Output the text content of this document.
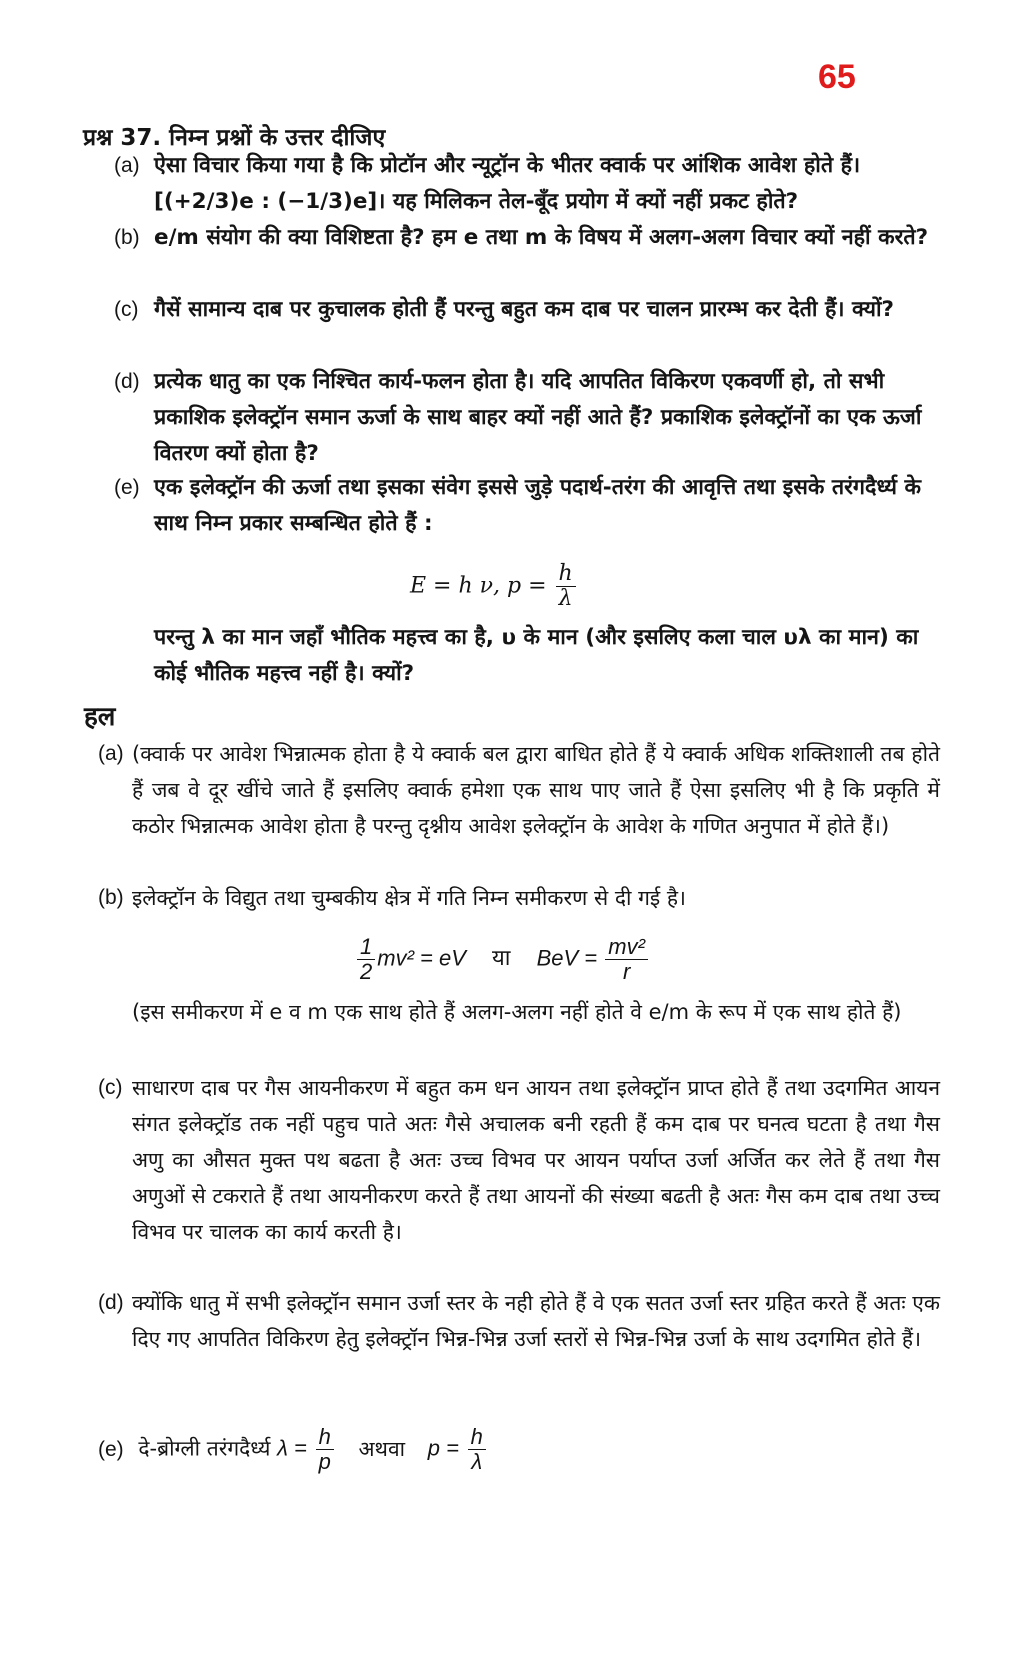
65
प्रश्न 37. निम्न प्रश्नों के उत्तर दीजिए
(a) ऐसा विचार किया गया है कि प्रोटॉन और न्यूट्रॉन के भीतर क्वार्क पर आंशिक आवेश होते हैं। [(+2/3)e : (−1/3)e]। यह मिलिकन तेल-बूँद प्रयोग में क्यों नहीं प्रकट होते?
(b) e/m संयोग की क्या विशिष्टता है? हम e तथा m के विषय में अलग-अलग विचार क्यों नहीं करते?
(c) गैसें सामान्य दाब पर कुचालक होती हैं परन्तु बहुत कम दाब पर चालन प्रारम्भ कर देती हैं। क्यों?
(d) प्रत्येक धातु का एक निश्चित कार्य-फलन होता है। यदि आपतित विकिरण एकवर्णी हो, तो सभी प्रकाशिक इलेक्ट्रॉन समान ऊर्जा के साथ बाहर क्यों नहीं आते हैं? प्रकाशिक इलेक्ट्रॉनों का एक ऊर्जा वितरण क्यों होता है?
(e) एक इलेक्ट्रॉन की ऊर्जा तथा इसका संवेग इससे जुड़े पदार्थ-तरंग की आवृत्ति तथा इसके तरंगदैर्ध्य के साथ निम्न प्रकार सम्बन्धित होते हैं :
E = h ν, $p = \frac{h}{\lambda}$
परन्तु λ का मान जहाँ भौतिक महत्त्व का है, υ के मान (और इसलिए कला चाल υλ का मान) का कोई भौतिक महत्त्व नहीं है। क्यों?
हल
(a) (क्वार्क पर आवेश भिन्नात्मक होता है ये क्वार्क बल द्वारा बाधित होते हैं ये क्वार्क अधिक शक्तिशाली तब होते हैं जब वे दूर खींचे जाते हैं इसलिए क्वार्क हमेशा एक साथ पाए जाते हैं ऐसा इसलिए भी है कि प्रकृति में कठोर भिन्नात्मक आवेश होता है परन्तु दृश्नीय आवेश इलेक्ट्रॉन के आवेश के गणित अनुपात में होते हैं।)
(b) इलेक्ट्रॉन के विद्युत तथा चुम्बकीय क्षेत्र में गति निम्न समीकरण से दी गई है।
$\frac{1}{2} mv^2$ = eV या BeV = $\frac{\text{mv²}}{r}$
(इस समीकरण में e व m एक साथ होते हैं अलग-अलग नहीं होते वे e/m के रूप में एक साथ होते हैं)
(c) साधारण दाब पर गैस आयनीकरण में बहुत कम धन आयन तथा इलेक्ट्रॉन प्राप्त होते हैं तथा उदगमित आयन संगत इलेक्ट्रॉड तक नहीं पहुच पाते अतः गैसे अचालक बनी रहती हैं कम दाब पर घनत्व घटता है तथा गैस अणु का औसत मुक्त पथ बढता है अतः उच्च विभव पर आयन पर्याप्त उर्जा अर्जित कर लेते हैं तथा गैस अणुओं से टकराते हैं तथा आयनीकरण करते हैं तथा आयनों की संख्या बढती है अतः गैस कम दाब तथा उच्च विभव पर चालक का कार्य करती है।
(d) क्योंकि धातु में सभी इलेक्ट्रॉन समान उर्जा स्तर के नही होते हैं वे एक सतत उर्जा स्तर ग्रहित करते हैं अतः एक दिए गए आपतित विकिरण हेतु इलेक्ट्रॉन भिन्न-भिन्न उर्जा स्तरों से भिन्न-भिन्न उर्जा के साथ उदगमित होते हैं।
(e) दे-ब्रोग्ली तरंगदैर्ध्य $\lambda = \frac{h}{p}$ अथवा $p = \frac{h}{\lambda}$
